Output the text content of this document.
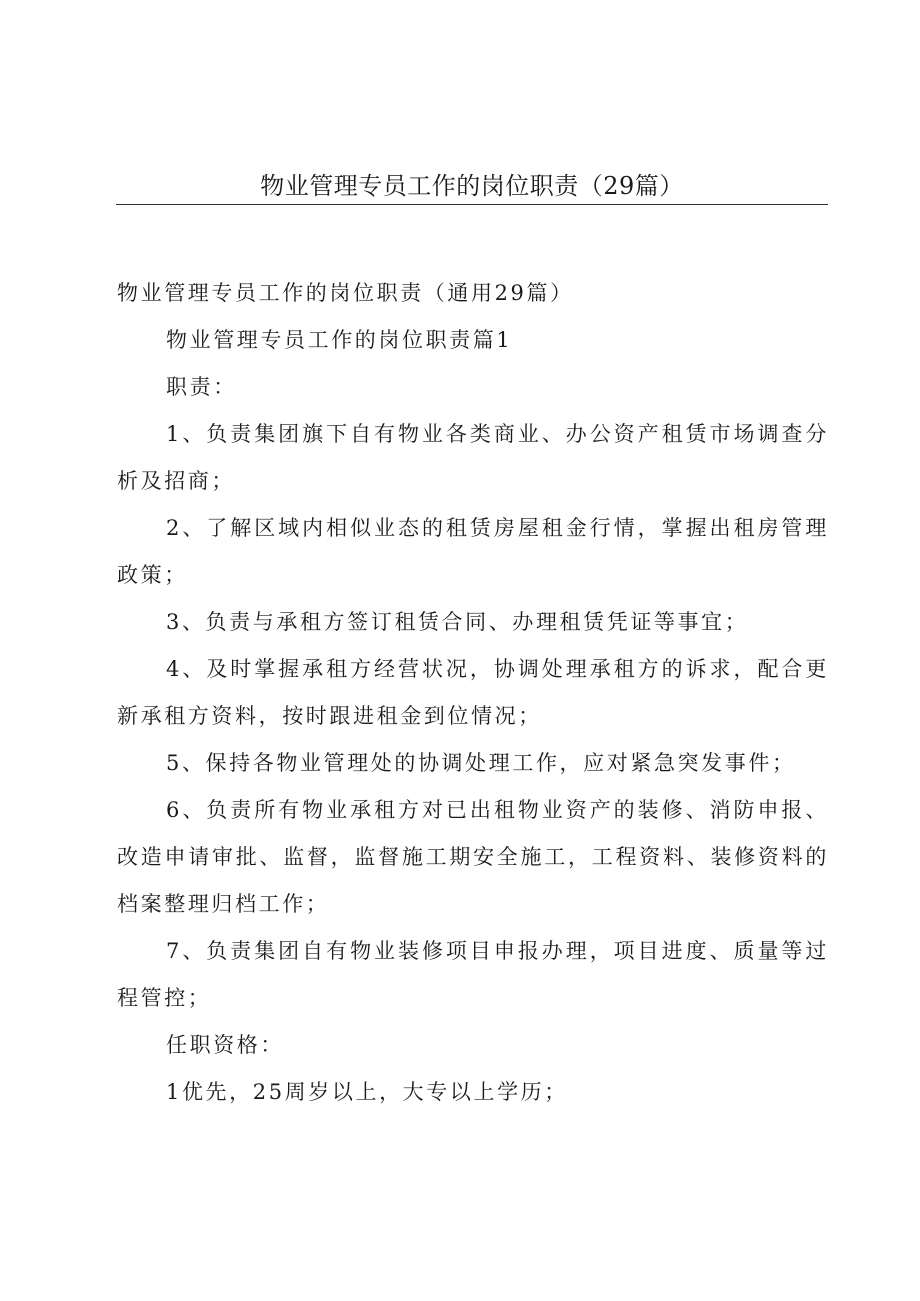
物业管理专员工作的岗位职责（29篇）

物业管理专员工作的岗位职责（通用29篇）

物业管理专员工作的岗位职责篇1

职责：

1、负责集团旗下自有物业各类商业、办公资产租赁市场调查分析及招商；

2、了解区域内相似业态的租赁房屋租金行情，掌握出租房管理政策；

3、负责与承租方签订租赁合同、办理租赁凭证等事宜；

4、及时掌握承租方经营状况，协调处理承租方的诉求，配合更新承租方资料，按时跟进租金到位情况；

5、保持各物业管理处的协调处理工作，应对紧急突发事件；

6、负责所有物业承租方对已出租物业资产的装修、消防申报、改造申请审批、监督，监督施工期安全施工，工程资料、装修资料的档案整理归档工作；

7、负责集团自有物业装修项目申报办理，项目进度、质量等过程管控；

任职资格：

1优先，25周岁以上，大专以上学历；
